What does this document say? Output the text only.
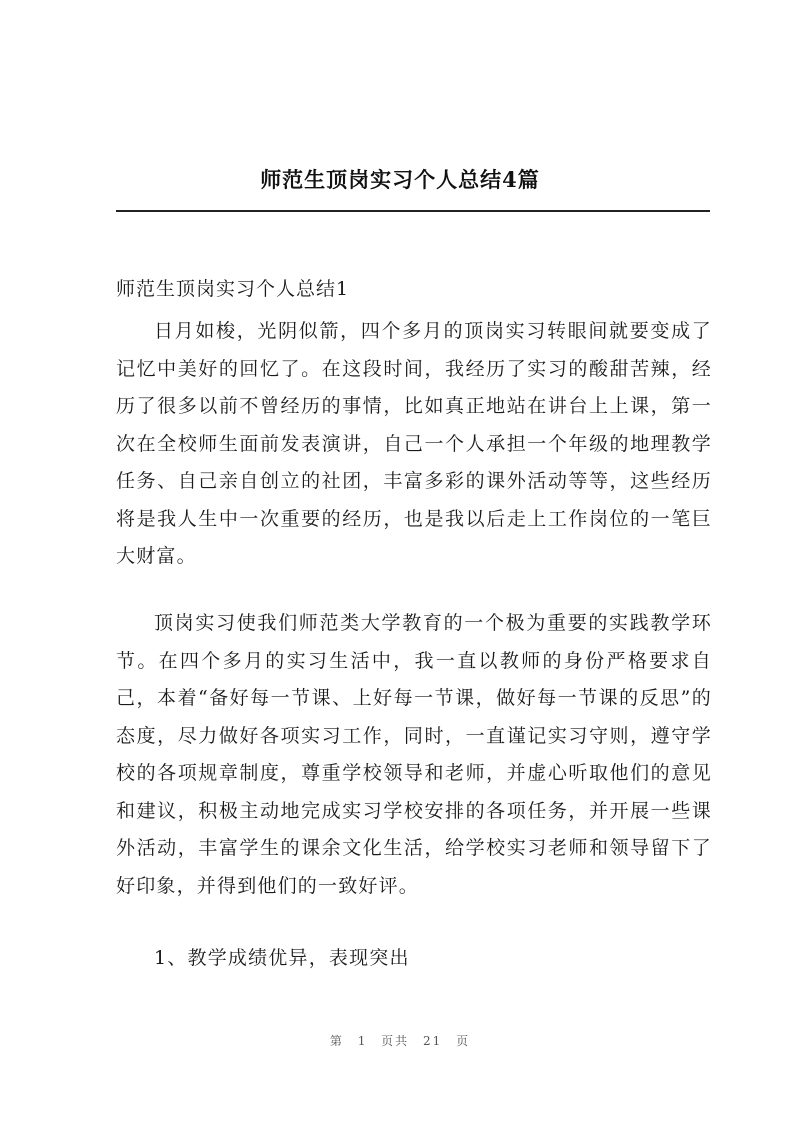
师范生顶岗实习个人总结4篇
师范生顶岗实习个人总结1

日月如梭，光阴似箭，四个多月的顶岗实习转眼间就要变成了记忆中美好的回忆了。在这段时间，我经历了实习的酸甜苦辣，经历了很多以前不曾经历的事情，比如真正地站在讲台上上课，第一次在全校师生面前发表演讲，自己一个人承担一个年级的地理教学任务、自己亲自创立的社团，丰富多彩的课外活动等等，这些经历将是我人生中一次重要的经历，也是我以后走上工作岗位的一笔巨大财富。

顶岗实习使我们师范类大学教育的一个极为重要的实践教学环节。在四个多月的实习生活中，我一直以教师的身份严格要求自己，本着“备好每一节课、上好每一节课，做好每一节课的反思”的态度，尽力做好各项实习工作，同时，一直谨记实习守则，遵守学校的各项规章制度，尊重学校领导和老师，并虚心听取他们的意见和建议，积极主动地完成实习学校安排的各项任务，并开展一些课外活动，丰富学生的课余文化生活，给学校实习老师和领导留下了好印象，并得到他们的一致好评。

1、教学成绩优异，表现突出
第 1 页共 21 页
